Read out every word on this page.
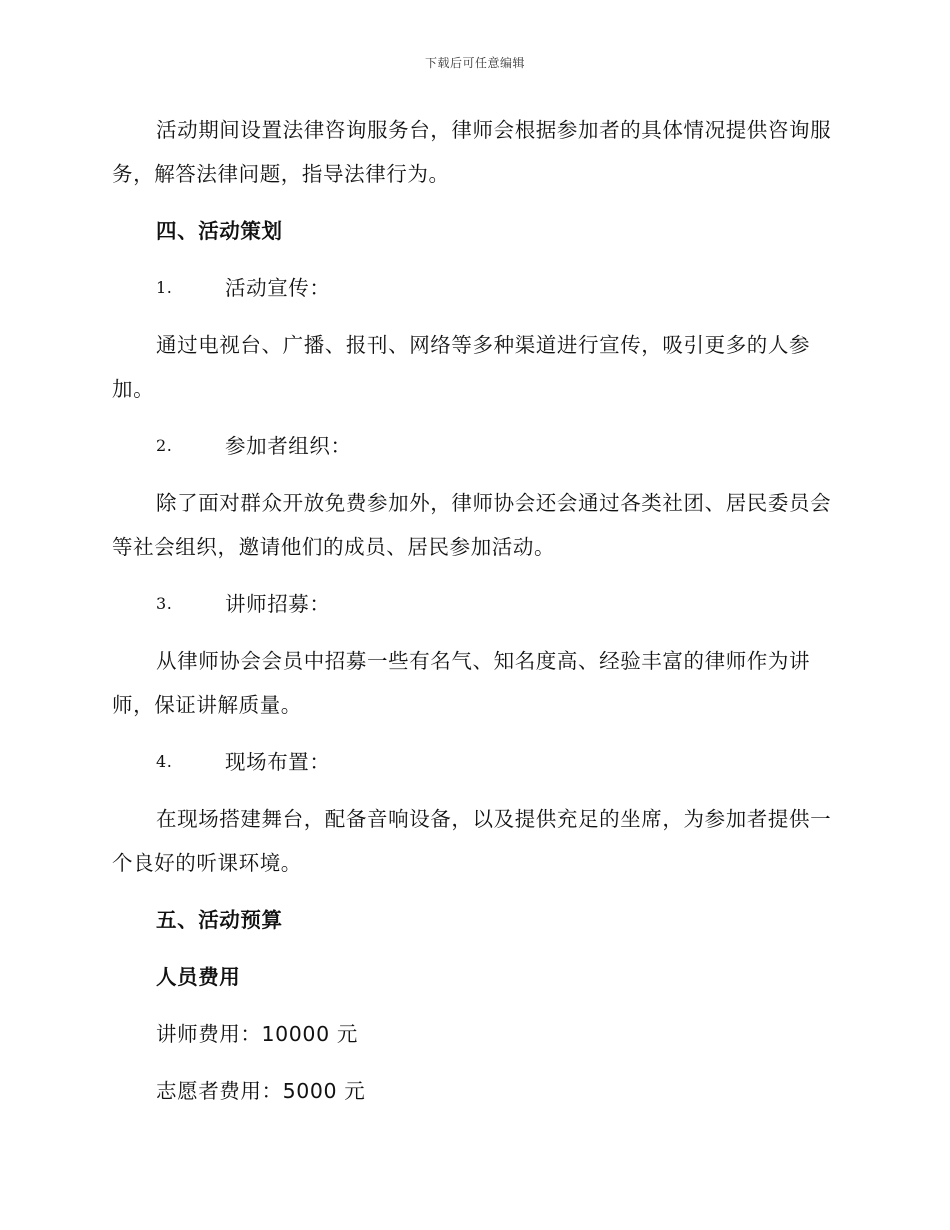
下载后可任意编辑

活动期间设置法律咨询服务台，律师会根据参加者的具体情况提供咨询服务，解答法律问题，指导法律行为。

四、活动策划
1.	活动宣传：

通过电视台、广播、报刊、网络等多种渠道进行宣传，吸引更多的人参加。

2.	参加者组织：

除了面对群众开放免费参加外，律师协会还会通过各类社团、居民委员会等社会组织，邀请他们的成员、居民参加活动。

3.	讲师招募：

从律师协会会员中招募一些有名气、知名度高、经验丰富的律师作为讲师，保证讲解质量。

4.	现场布置：

在现场搭建舞台，配备音响设备，以及提供充足的坐席，为参加者提供一个良好的听课环境。

五、活动预算
人员费用
讲师费用：10000 元
志愿者费用：5000 元
